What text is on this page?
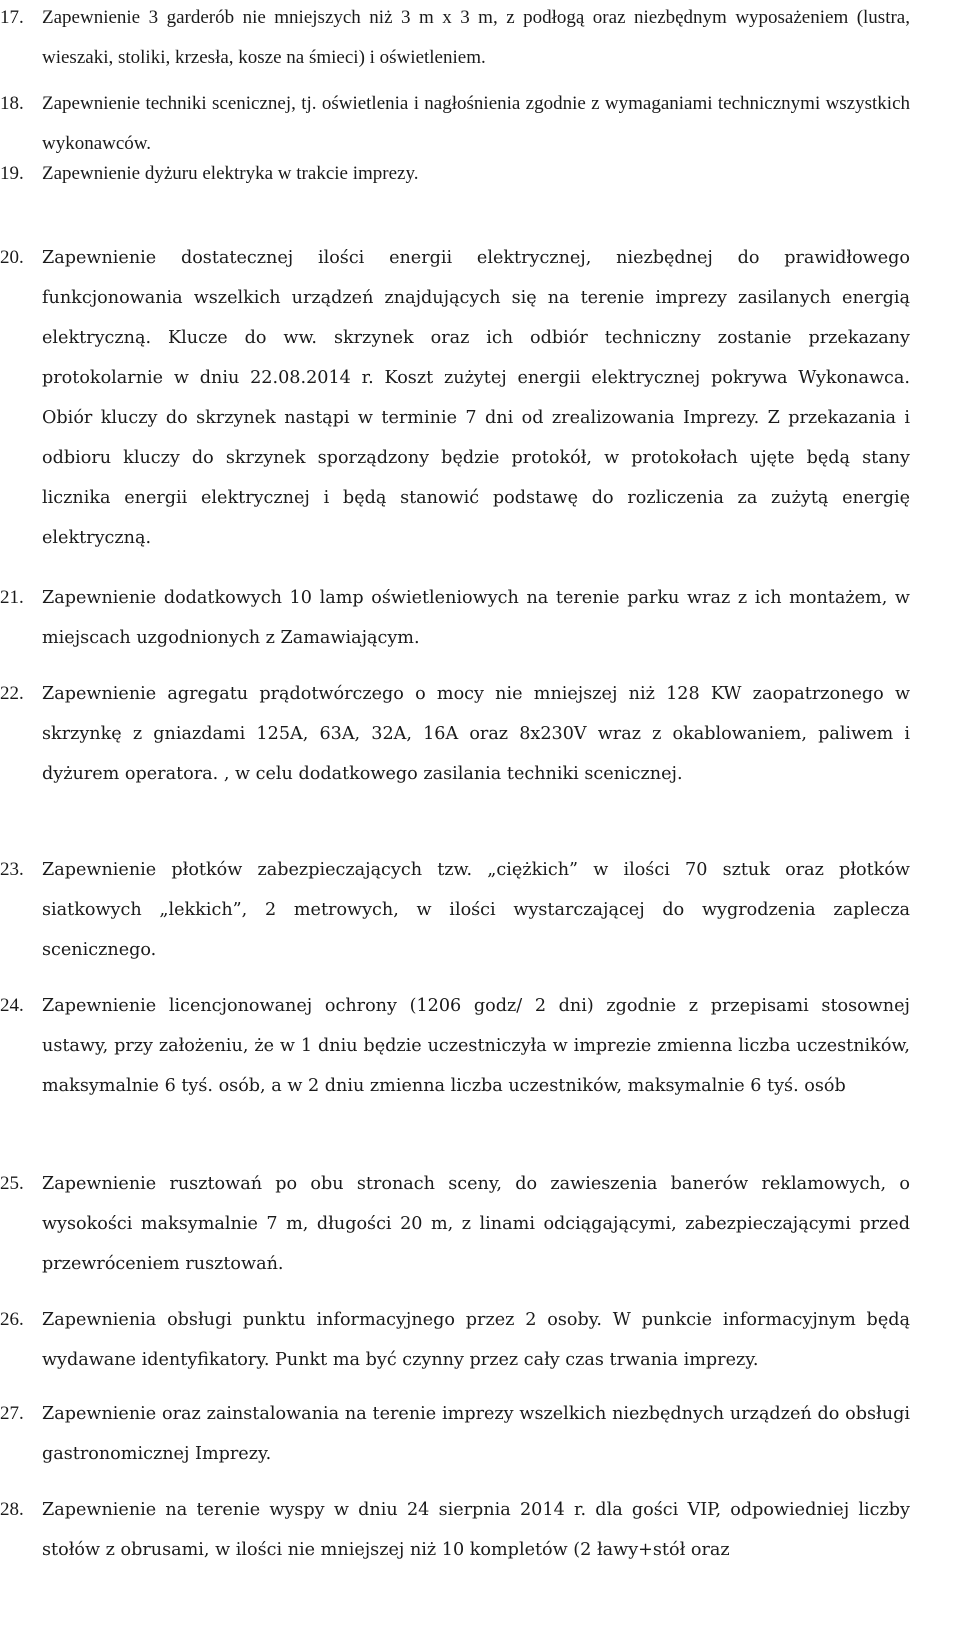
17. Zapewnienie 3 garderób nie mniejszych niż 3 m x 3 m, z podłogą oraz niezbędnym wyposażeniem (lustra, wieszaki, stoliki, krzesła, kosze na śmieci) i oświetleniem.
18. Zapewnienie techniki scenicznej, tj. oświetlenia i nagłośnienia zgodnie z wymaganiami technicznymi wszystkich wykonawców.
19. Zapewnienie dyżuru elektryka w trakcie imprezy.
20.	Zapewnienie dostatecznej ilości energii elektrycznej, niezbędnej do prawidłowego funkcjonowania wszelkich urządzeń znajdujących się na terenie imprezy zasilanych energią elektryczną. Klucze do ww. skrzynek oraz ich odbiór techniczny zostanie przekazany protokolarnie w dniu 22.08.2014 r. Koszt zużytej energii elektrycznej pokrywa Wykonawca. Obiór kluczy do skrzynek nastąpi w terminie 7 dni od zrealizowania Imprezy. Z przekazania i odbioru kluczy do skrzynek sporządzony będzie protokół, w protokołach ujęte będą stany licznika energii elektrycznej i będą stanowić podstawę do rozliczenia za zużytą energię elektryczną.
21.	Zapewnienie dodatkowych 10 lamp oświetleniowych na terenie parku wraz z ich montażem, w miejscach uzgodnionych z Zamawiającym.
22.	Zapewnienie agregatu prądotwórczego o mocy nie mniejszej niż 128 KW zaopatrzonego w skrzynkę z gniazdami 125A, 63A, 32A, 16A oraz 8x230V wraz z okablowaniem, paliwem i dyżurem operatora. , w celu dodatkowego zasilania techniki scenicznej.
23.	Zapewnienie płotków zabezpieczających tzw. „ciężkich” w ilości 70 sztuk oraz płotków siatkowych „lekkich”, 2 metrowych, w ilości wystarczającej do wygrodzenia zaplecza scenicznego.
24.	Zapewnienie licencjonowanej ochrony (1206 godz/ 2 dni) zgodnie z przepisami stosownej ustawy, przy założeniu, że w 1 dniu będzie uczestniczyła w imprezie zmienna liczba uczestników, maksymalnie 6 tyś. osób, a w 2 dniu zmienna liczba uczestników, maksymalnie 6 tyś. osób
25.	Zapewnienie rusztowań po obu stronach sceny, do zawieszenia banerów reklamowych, o wysokości maksymalnie 7 m, długości 20 m, z linami odciągającymi, zabezpieczającymi przed przewróceniem rusztowań.
26.	Zapewnienia obsługi punktu informacyjnego przez 2 osoby. W punkcie informacyjnym będą wydawane identyfikatory. Punkt ma być czynny przez cały czas trwania imprezy.
27.	Zapewnienie oraz zainstalowania na terenie imprezy wszelkich niezbędnych urządzeń do obsługi gastronomicznej Imprezy.
28.	Zapewnienie na terenie wyspy w dniu 24 sierpnia 2014 r. dla gości VIP, odpowiedniej liczby stołów z obrusami, w ilości nie mniejszej niż 10 kompletów (2 ławy+stół oraz
